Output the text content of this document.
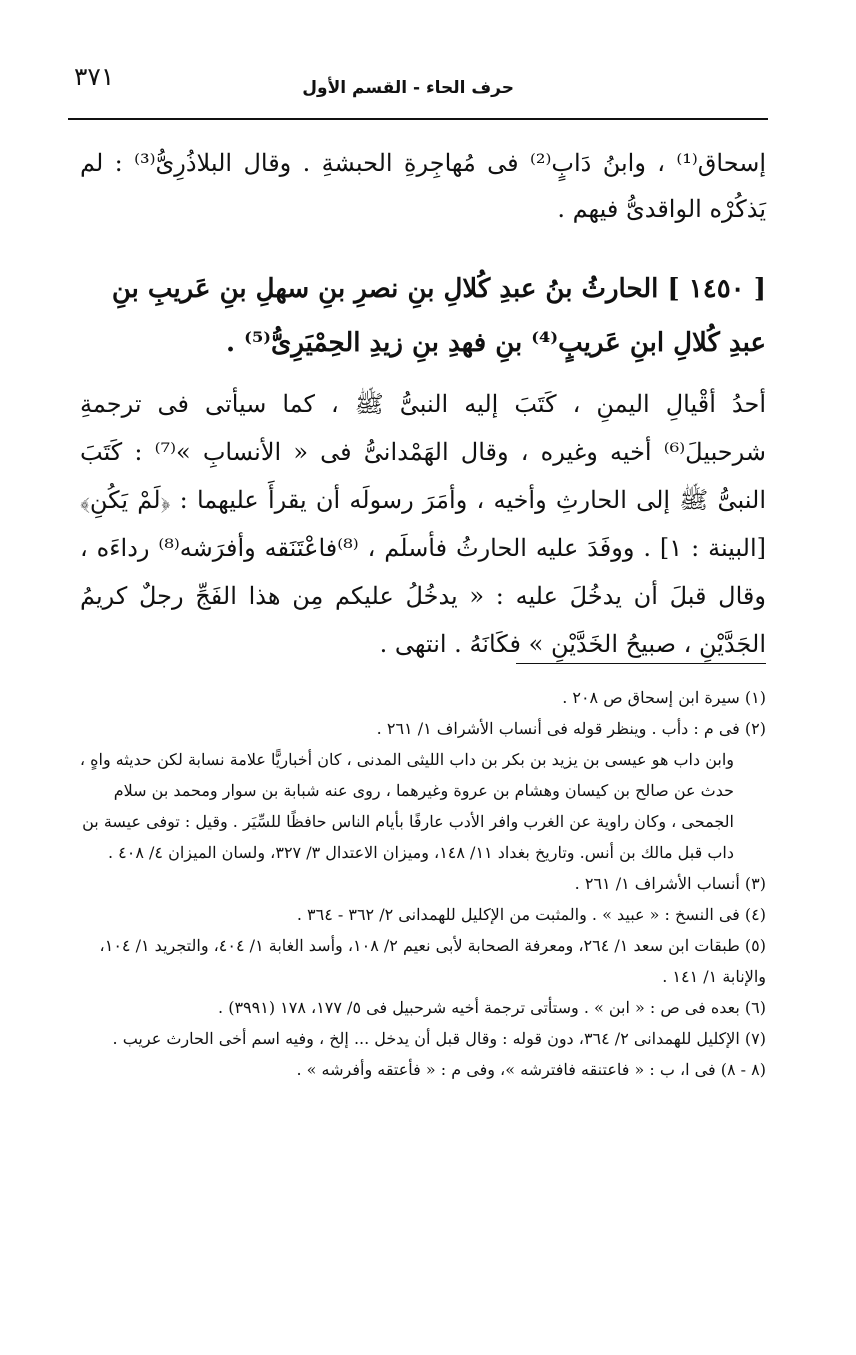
٣٧١	حرف الحاء - القسم الأول
إسحاق⁽¹⁾ ، وابنُ دَابٍ⁽²⁾ فى مُهاجِرةِ الحبشةِ . وقال البلاذُرِىُّ⁽³⁾ : لم يَذكُرْه الواقدىُّ فيهم .
[ ١٤٥٠ ] الحارثُ بنُ عبدِ كُلالِ بنِ نصرِ بنِ سهلِ بنِ عَريبِ بنِ عبدِ كُلالِ ابنِ عَريبٍ⁽⁴⁾ بنِ فهدِ بنِ زيدِ الحِمْيَرِىُّ⁽⁵⁾ .
أحدُ أقْيالِ اليمنِ ، كَتَبَ إليه النبىُّ ﷺ ، كما سيأتى فى ترجمةِ شرحبيلَ⁽⁶⁾ أخيه وغيره ، وقال الهَمْدانىُّ فى « الأنسابِ »⁽⁷⁾ : كَتَبَ النبىُّ ﷺ إلى الحارثِ وأخيه ، وأمَرَ رسولَه أن يقرأَ عليهما : ﴿لَمْ يَكُنِ﴾ [البينة : ١] . ووفَدَ عليه الحارثُ فأسلَم ، ⁽⁸⁾فاعْتَنَقه وأفرَشه⁽⁸⁾ رداءَه ، وقال قبلَ أن يدخُلَ عليه : « يدخُلُ عليكم مِن هذا الفَجِّ رجلٌ كريمُ الجَدَّيْنِ ، صبيحُ الخَدَّيْنِ » فكَانَهُ . انتهى .
(١) سيرة ابن إسحاق ص ٢٠٨ .
(٢) فى م : دأب . وينظر قوله فى أنساب الأشراف ١/ ٢٦١ .
وابن داب هو عيسى بن يزيد بن بكر بن داب الليثى المدنى ، كان أخباريًّا علامة نسابة لكن حديثه واهٍ ، حدث عن صالح بن كيسان وهشام بن عروة وغيرهما ، روى عنه شبابة بن سوار ومحمد بن سلام الجمحى ، وكان راوية عن الغرب وافر الأدب عارفًا بأيام الناس حافظًا للسِّيَر . وقيل : توفى عيسة بن داب قبل مالك بن أنس. وتاريخ بغداد ١١/ ١٤٨، وميزان الاعتدال ٣/ ٣٢٧، ولسان الميزان ٤/ ٤٠٨ .
(٣) أنساب الأشراف ١/ ٢٦١ .
(٤) فى النسخ : « عبيد » . والمثبت من الإكليل للهمدانى ٢/ ٣٦٢ - ٣٦٤ .
(٥) طبقات ابن سعد ١/ ٢٦٤، ومعرفة الصحابة لأبى نعيم ٢/ ١٠٨، وأسد الغابة ١/ ٤٠٤، والتجريد ١/ ١٠٤، والإنابة ١/ ١٤١ .
(٦) بعده فى ص : « ابن » . وستأتى ترجمة أخيه شرحبيل فى ٥/ ١٧٧، ١٧٨ (٣٩٩١) .
(٧) الإكليل للهمدانى ٢/ ٣٦٤، دون قوله : وقال قبل أن يدخل ... إلخ ، وفيه اسم أخى الحارث عريب .
(٨ - ٨) فى ا، ب : « فاعتنقه فافترشه »، وفى م : « فأعتقه وأفرشه » .
